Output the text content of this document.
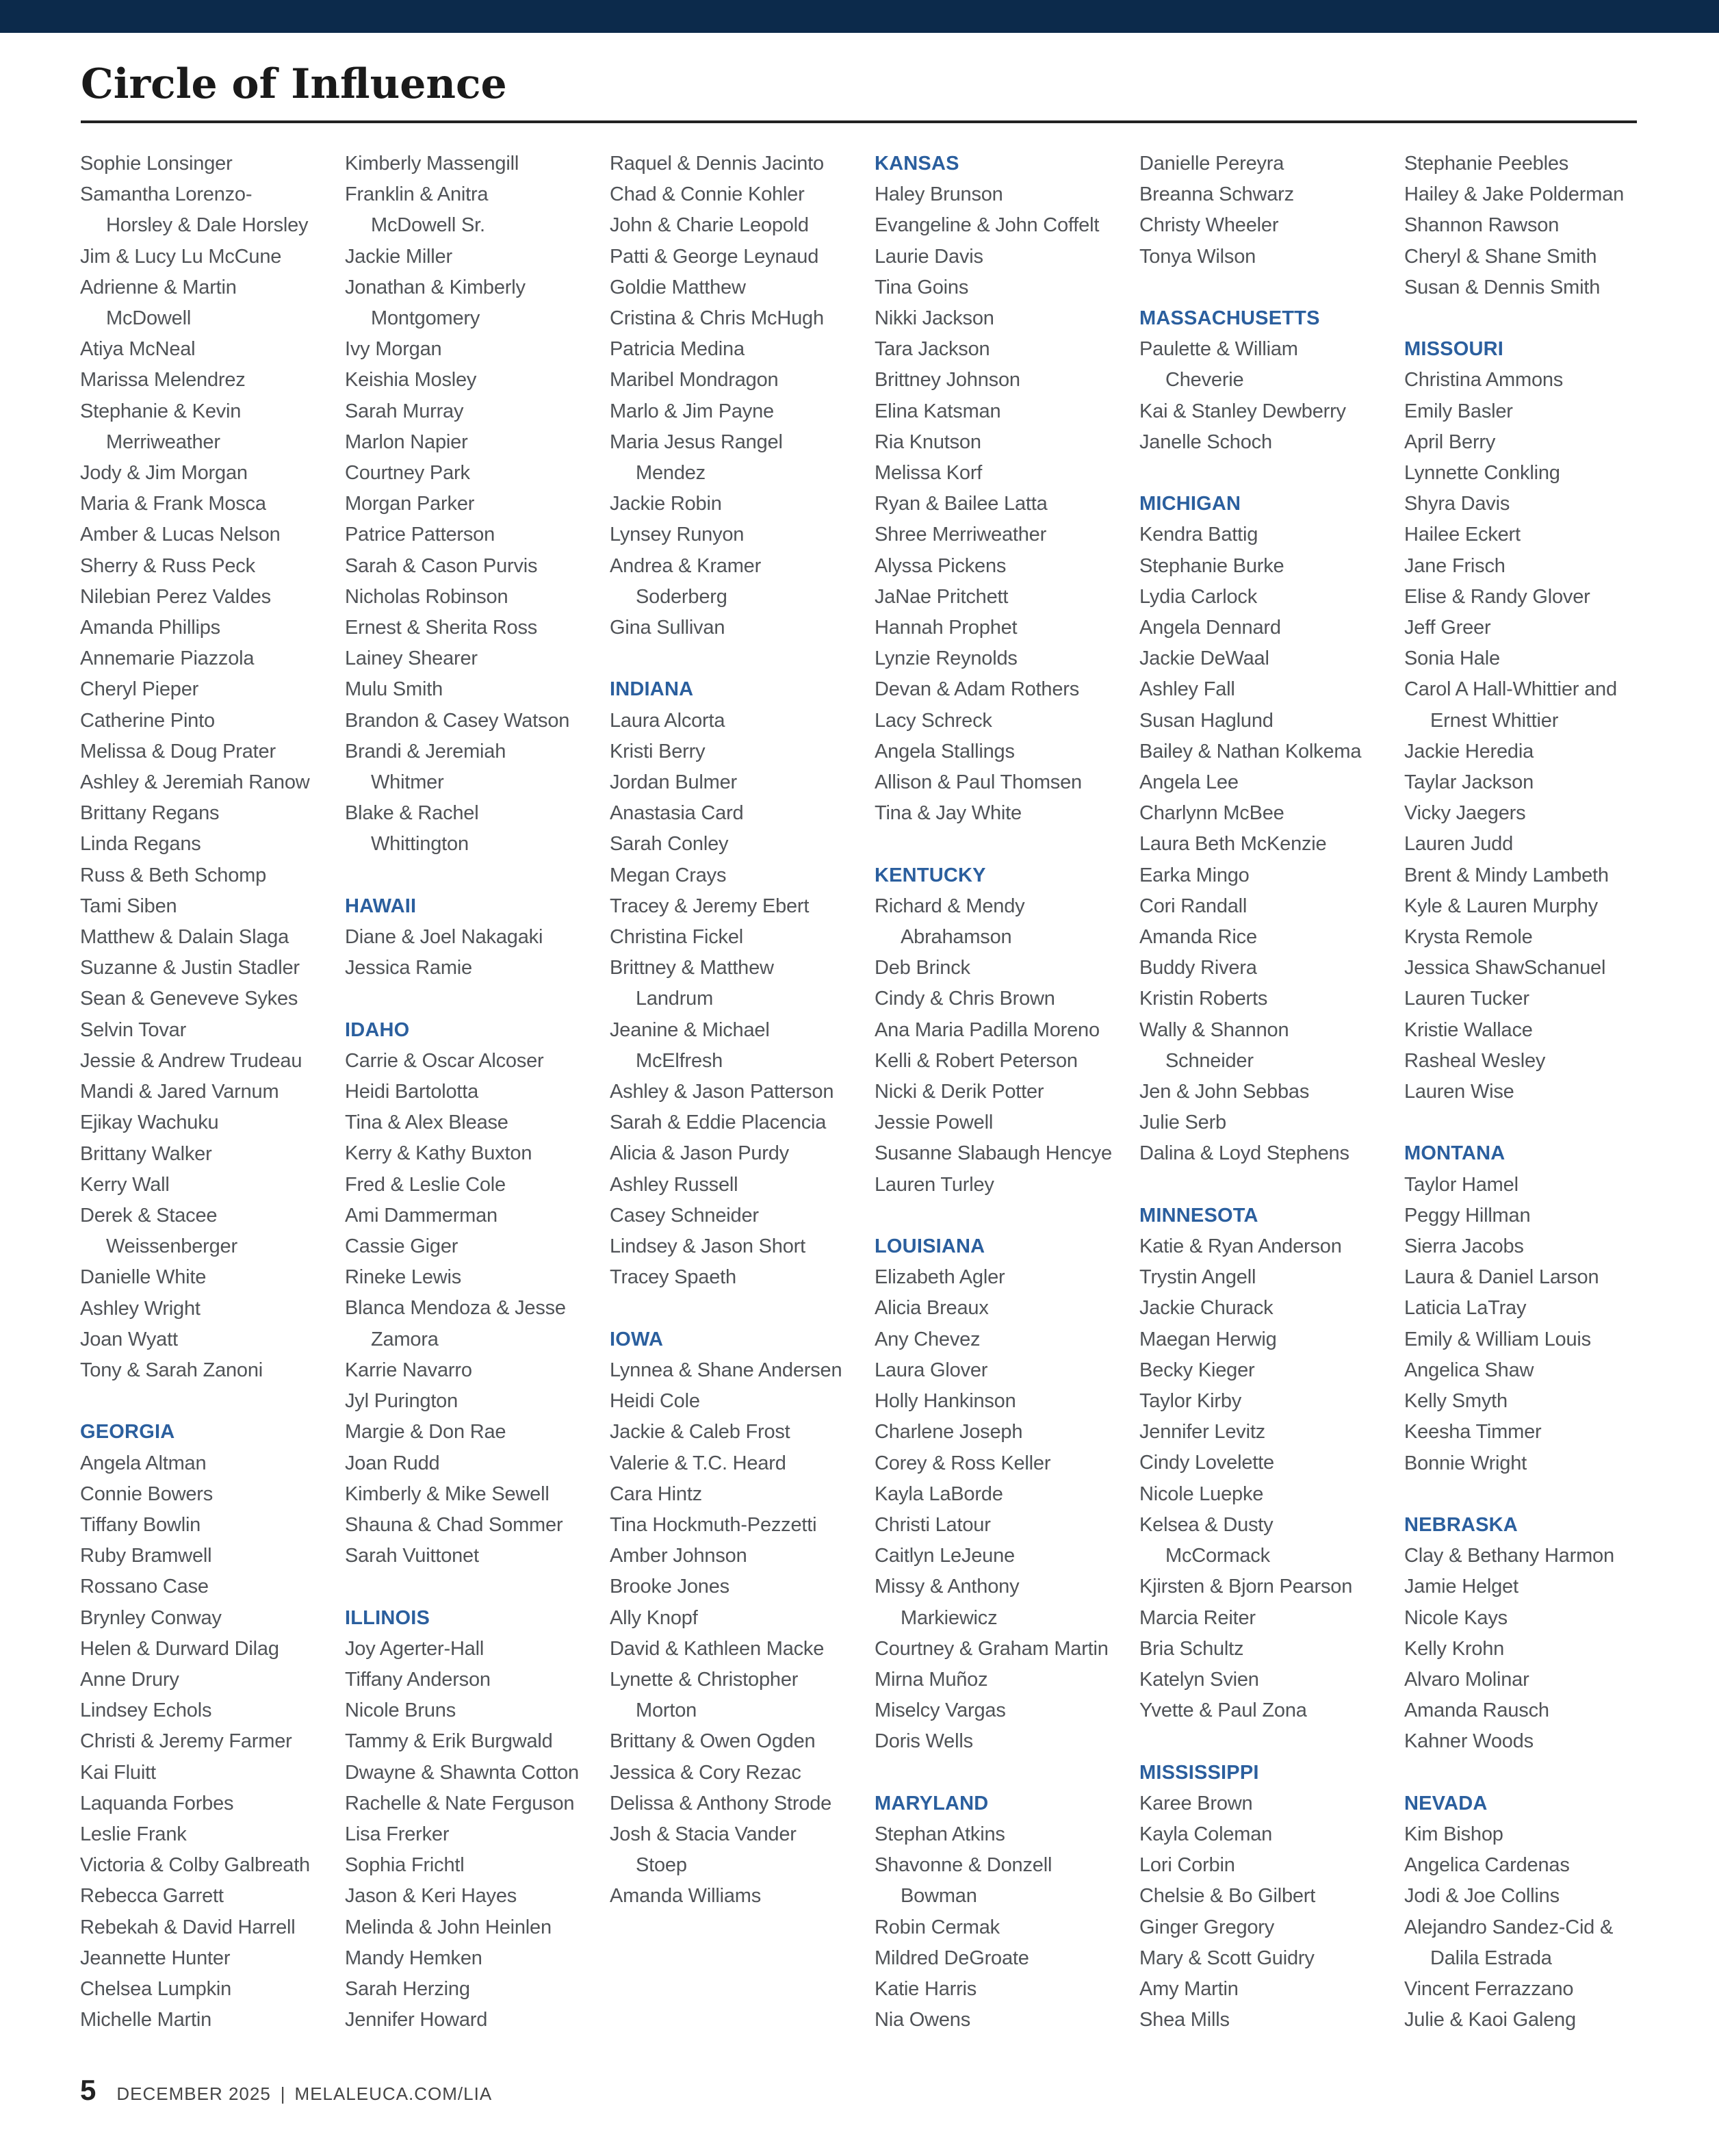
Circle of Influence
Sophie Lonsinger
Samantha Lorenzo-
Horsley & Dale Horsley
Jim & Lucy Lu McCune
Adrienne & Martin
McDowell
Atiya McNeal
Marissa Melendrez
Stephanie & Kevin
Merriweather
Jody & Jim Morgan
Maria & Frank Mosca
Amber & Lucas Nelson
Sherry & Russ Peck
Nilebian Perez Valdes
Amanda Phillips
Annemarie Piazzola
Cheryl Pieper
Catherine Pinto
Melissa & Doug Prater
Ashley & Jeremiah Ranow
Brittany Regans
Linda Regans
Russ & Beth Schomp
Tami Siben
Matthew & Dalain Slaga
Suzanne & Justin Stadler
Sean & Geneveve Sykes
Selvin Tovar
Jessie & Andrew Trudeau
Mandi & Jared Varnum
Ejikay Wachuku
Brittany Walker
Kerry Wall
Derek & Stacee
Weissenberger
Danielle White
Ashley Wright
Joan Wyatt
Tony & Sarah Zanoni
GEORGIA
Angela Altman
Connie Bowers
Tiffany Bowlin
Ruby Bramwell
Rossano Case
Brynley Conway
Helen & Durward Dilag
Anne Drury
Lindsey Echols
Christi & Jeremy Farmer
Kai Fluitt
Laquanda Forbes
Leslie Frank
Victoria & Colby Galbreath
Rebecca Garrett
Rebekah & David Harrell
Jeannette Hunter
Chelsea Lumpkin
Michelle Martin
Kimberly Massengill
Franklin & Anitra
McDowell Sr.
Jackie Miller
Jonathan & Kimberly
Montgomery
Ivy Morgan
Keishia Mosley
Sarah Murray
Marlon Napier
Courtney Park
Morgan Parker
Patrice Patterson
Sarah & Cason Purvis
Nicholas Robinson
Ernest & Sherita Ross
Lainey Shearer
Mulu Smith
Brandon & Casey Watson
Brandi & Jeremiah
Whitmer
Blake & Rachel
Whittington
HAWAII
Diane & Joel Nakagaki
Jessica Ramie
IDAHO
Carrie & Oscar Alcoser
Heidi Bartolotta
Tina & Alex Blease
Kerry & Kathy Buxton
Fred & Leslie Cole
Ami Dammerman
Cassie Giger
Rineke Lewis
Blanca Mendoza & Jesse
Zamora
Karrie Navarro
Jyl Purington
Margie & Don Rae
Joan Rudd
Kimberly & Mike Sewell
Shauna & Chad Sommer
Sarah Vuittonet
ILLINOIS
Joy Agerter-Hall
Tiffany Anderson
Nicole Bruns
Tammy & Erik Burgwald
Dwayne & Shawnta Cotton
Rachelle & Nate Ferguson
Lisa Frerker
Sophia Frichtl
Jason & Keri Hayes
Melinda & John Heinlen
Mandy Hemken
Sarah Herzing
Jennifer Howard
Raquel & Dennis Jacinto
Chad & Connie Kohler
John & Charie Leopold
Patti & George Leynaud
Goldie Matthew
Cristina & Chris McHugh
Patricia Medina
Maribel Mondragon
Marlo & Jim Payne
Maria Jesus Rangel
Mendez
Jackie Robin
Lynsey Runyon
Andrea & Kramer
Soderberg
Gina Sullivan
INDIANA
Laura Alcorta
Kristi Berry
Jordan Bulmer
Anastasia Card
Sarah Conley
Megan Crays
Tracey & Jeremy Ebert
Christina Fickel
Brittney & Matthew
Landrum
Jeanine & Michael
McElfresh
Ashley & Jason Patterson
Sarah & Eddie Placencia
Alicia & Jason Purdy
Ashley Russell
Casey Schneider
Lindsey & Jason Short
Tracey Spaeth
IOWA
Lynnea & Shane Andersen
Heidi Cole
Jackie & Caleb Frost
Valerie & T.C. Heard
Cara Hintz
Tina Hockmuth-Pezzetti
Amber Johnson
Brooke Jones
Ally Knopf
David & Kathleen Macke
Lynette & Christopher
Morton
Brittany & Owen Ogden
Jessica & Cory Rezac
Delissa & Anthony Strode
Josh & Stacia Vander
Stoep
Amanda Williams
KANSAS
Haley Brunson
Evangeline & John Coffelt
Laurie Davis
Tina Goins
Nikki Jackson
Tara Jackson
Brittney Johnson
Elina Katsman
Ria Knutson
Melissa Korf
Ryan & Bailee Latta
Shree Merriweather
Alyssa Pickens
JaNae Pritchett
Hannah Prophet
Lynzie Reynolds
Devan & Adam Rothers
Lacy Schreck
Angela Stallings
Allison & Paul Thomsen
Tina & Jay White
KENTUCKY
Richard & Mendy
Abrahamson
Deb Brinck
Cindy & Chris Brown
Ana Maria Padilla Moreno
Kelli & Robert Peterson
Nicki & Derik Potter
Jessie Powell
Susanne Slabaugh Hencye
Lauren Turley
LOUISIANA
Elizabeth Agler
Alicia Breaux
Any Chevez
Laura Glover
Holly Hankinson
Charlene Joseph
Corey & Ross Keller
Kayla LaBorde
Christi Latour
Caitlyn LeJeune
Missy & Anthony
Markiewicz
Courtney & Graham Martin
Mirna Muñoz
Miselcy Vargas
Doris Wells
MARYLAND
Stephan Atkins
Shavonne & Donzell
Bowman
Robin Cermak
Mildred DeGroate
Katie Harris
Nia Owens
Danielle Pereyra
Breanna Schwarz
Christy Wheeler
Tonya Wilson
MASSACHUSETTS
Paulette & William
Cheverie
Kai & Stanley Dewberry
Janelle Schoch
MICHIGAN
Kendra Battig
Stephanie Burke
Lydia Carlock
Angela Dennard
Jackie DeWaal
Ashley Fall
Susan Haglund
Bailey & Nathan Kolkema
Angela Lee
Charlynn McBee
Laura Beth McKenzie
Earka Mingo
Cori Randall
Amanda Rice
Buddy Rivera
Kristin Roberts
Wally & Shannon
Schneider
Jen & John Sebbas
Julie Serb
Dalina & Loyd Stephens
MINNESOTA
Katie & Ryan Anderson
Trystin Angell
Jackie Churack
Maegan Herwig
Becky Kieger
Taylor Kirby
Jennifer Levitz
Cindy Lovelette
Nicole Luepke
Kelsea & Dusty
McCormack
Kjirsten & Bjorn Pearson
Marcia Reiter
Bria Schultz
Katelyn Svien
Yvette & Paul Zona
MISSISSIPPI
Karee Brown
Kayla Coleman
Lori Corbin
Chelsie & Bo Gilbert
Ginger Gregory
Mary & Scott Guidry
Amy Martin
Shea Mills
Stephanie Peebles
Hailey & Jake Polderman
Shannon Rawson
Cheryl & Shane Smith
Susan & Dennis Smith
MISSOURI
Christina Ammons
Emily Basler
April Berry
Lynnette Conkling
Shyra Davis
Hailee Eckert
Jane Frisch
Elise & Randy Glover
Jeff Greer
Sonia Hale
Carol A Hall-Whittier and
Ernest Whittier
Jackie Heredia
Taylar Jackson
Vicky Jaegers
Lauren Judd
Brent & Mindy Lambeth
Kyle & Lauren Murphy
Krysta Remole
Jessica ShawSchanuel
Lauren Tucker
Kristie Wallace
Rasheal Wesley
Lauren Wise
MONTANA
Taylor Hamel
Peggy Hillman
Sierra Jacobs
Laura & Daniel Larson
Laticia LaTray
Emily & William Louis
Angelica Shaw
Kelly Smyth
Keesha Timmer
Bonnie Wright
NEBRASKA
Clay & Bethany Harmon
Jamie Helget
Nicole Kays
Kelly Krohn
Alvaro Molinar
Amanda Rausch
Kahner Woods
NEVADA
Kim Bishop
Angelica Cardenas
Jodi & Joe Collins
Alejandro Sandez-Cid &
Dalila Estrada
Vincent Ferrazzano
Julie & Kaoi Galeng
5 DECEMBER 2025 | MELALEUCA.COM/LIA
